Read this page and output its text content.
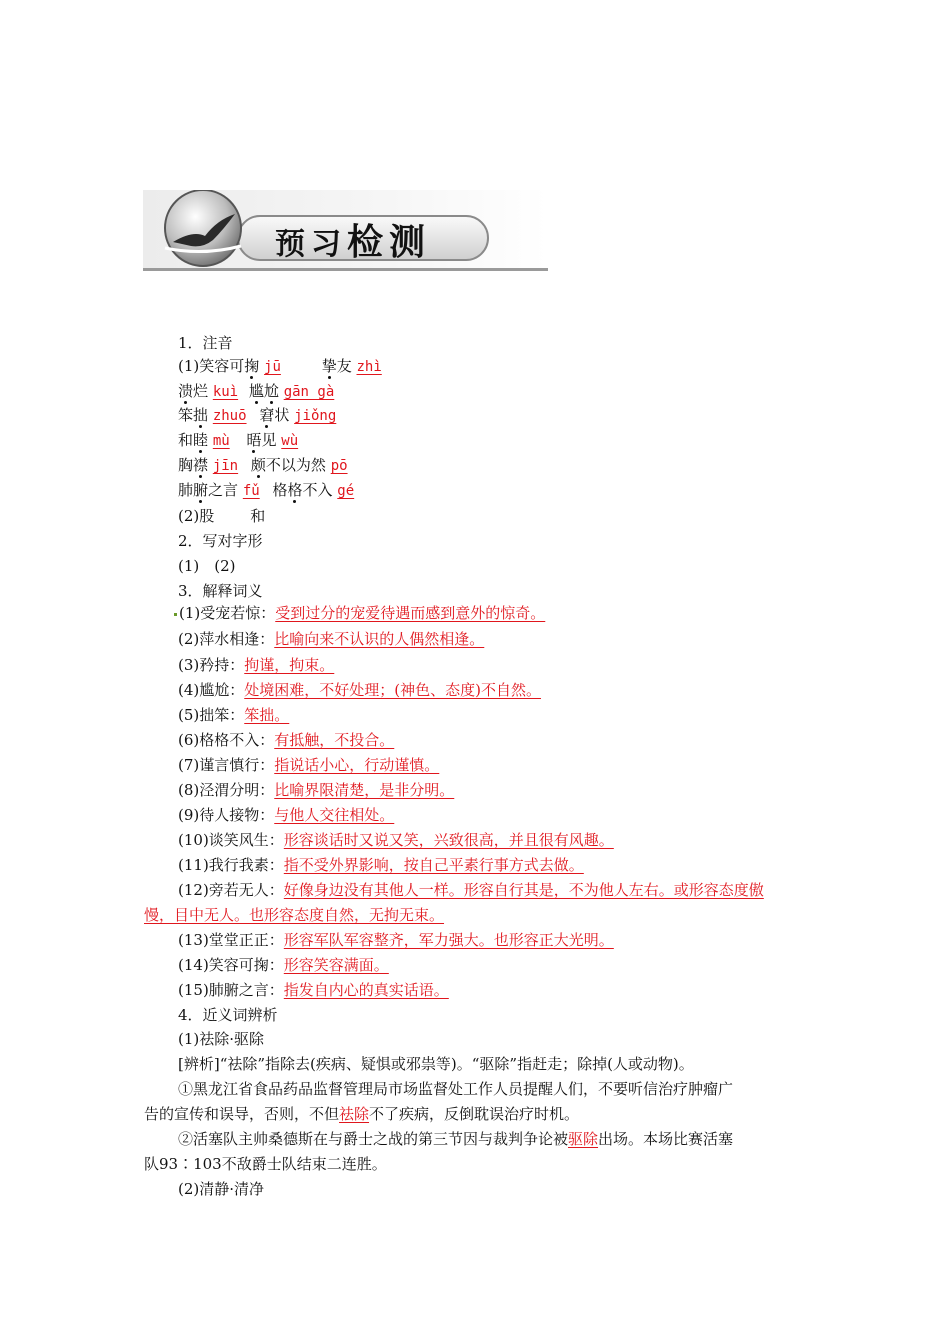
预习检测
1．注音
(1)笑容可掬 jū	挚友 zhì
溃烂 kuì 尴尬 gān gà
笨拙 zhuō 窘状 jiǒng
和睦 mù 晤见 wù
胸襟 jīn 颇不以为然 pō
肺腑之言 fǔ 格格不入 gé
(2)股 和
2．写对字形
(1)　(2)
3．解释词义
(1)受宠若惊：受到过分的宠爱待遇而感到意外的惊奇。
(2)萍水相逢：比喻向来不认识的人偶然相逢。
(3)矜持：拘谨，拘束。
(4)尴尬：处境困难，不好处理；(神色、态度)不自然。
(5)拙笨：笨拙。
(6)格格不入：有抵触，不投合。
(7)谨言慎行：指说话小心，行动谨慎。
(8)泾渭分明：比喻界限清楚，是非分明。
(9)待人接物：与他人交往相处。
(10)谈笑风生：形容谈话时又说又笑，兴致很高，并且很有风趣。
(11)我行我素：指不受外界影响，按自己平素行事方式去做。
(12)旁若无人：好像身边没有其他人一样。形容自行其是，不为他人左右。或形容态度傲
慢，目中无人。也形容态度自然，无拘无束。
(13)堂堂正正：形容军队军容整齐，军力强大。也形容正大光明。
(14)笑容可掬：形容笑容满面。
(15)肺腑之言：指发自内心的真实话语。
4．近义词辨析
(1)祛除·驱除
[辨析]“祛除”指除去(疾病、疑惧或邪祟等)。“驱除”指赶走；除掉(人或动物)。
①黑龙江省食品药品监督管理局市场监督处工作人员提醒人们，不要听信治疗肿瘤广
告的宣传和误导，否则，不但祛除不了疾病，反倒耽误治疗时机。
②活塞队主帅桑德斯在与爵士之战的第三节因与裁判争论被驱除出场。本场比赛活塞
队93∶103不敌爵士队结束二连胜。
(2)清静·清净
